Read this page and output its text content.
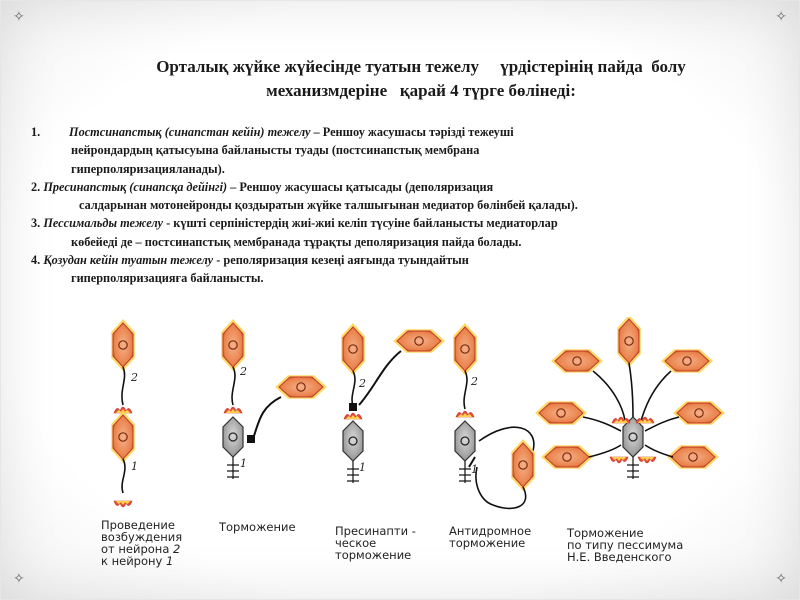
✧	✧
✧	✧
Орталық жүйке жүйесінде туатын тежелу     үрдістерінің пайда  болу
механизмдеріне   қарай 4 түрге бөлінеді:
1. Постсинапстық (синапстан кейін) тежелу – Реншоу жасушасы тәрізді тежеуші
нейрондардың қатысуына байланысты туады (постсинапстық мембрана
гиперполяризацияланады).
2. Пресинапстық (синапсқа дейінгі) – Реншоу жасушасы қатысады (деполяризация
салдарынан мотонейронды қоздыратын жүйке талшығынан медиатор бөлінбей қалады).
3. Пессимальды тежелу - күшті серпіністердің жиі-жиі келіп түсуіне байланысты медиаторлар
көбейеді де – постсинапстық мембранада тұрақты деполяризация пайда болады.
4. Қозудан кейін туатын тежелу - реполяризация кезеңі аяғында туындайтын
гиперполяризацияға байланысты.
2
1
2
1
2
1
2
1
Проведение
возбуждения
от нейрона 2
к нейрону 1
Торможение	Пресинапти -
ческое
торможение
Антидромное
торможение
Торможение
по типу пессимума
Н.Е. Введенского
